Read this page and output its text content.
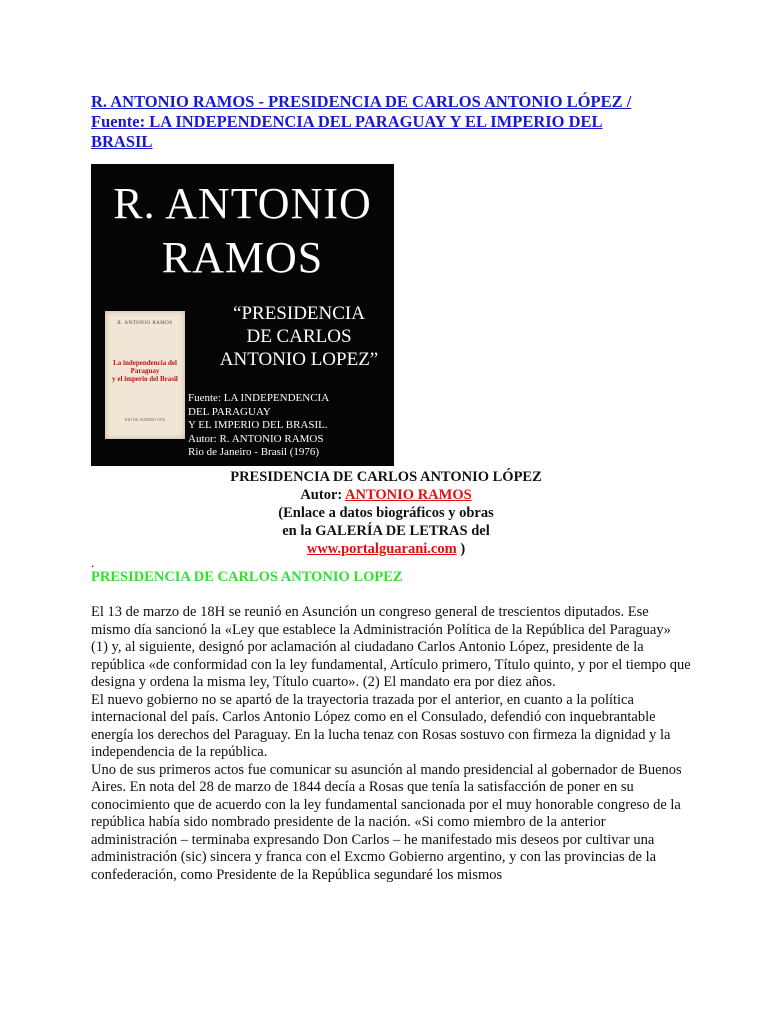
R. ANTONIO RAMOS - PRESIDENCIA DE CARLOS ANTONIO LÓPEZ /
Fuente: LA INDEPENDENCIA DEL PARAGUAY Y EL IMPERIO DEL
BRASIL
R. ANTONIO
RAMOS
R. ANTONIO RAMOS
La independencia del Paraguay
y el imperio del Brasil
RIO DE JANEIRO 1976
“PRESIDENCIA
DE CARLOS
ANTONIO LOPEZ”
Fuente: LA INDEPENDENCIA
DEL PARAGUAY
Y EL IMPERIO DEL BRASIL.
Autor: R. ANTONIO RAMOS
Rio de Janeiro - Brasil (1976)
PRESIDENCIA DE CARLOS ANTONIO LÓPEZ
Autor: ANTONIO RAMOS
(Enlace a datos biográficos y obras
en la GALERÍA DE LETRAS del
www.portalguarani.com )
.
PRESIDENCIA DE CARLOS ANTONIO LOPEZ

El 13 de marzo de 18H se reunió en Asunción un congreso general de trescientos diputados. Ese mismo día sancionó la «Ley que establece la Administración Política de la República del Paraguay» (1) y, al siguiente, designó por aclamación al ciudadano Carlos Antonio López, presidente de la república «de conformidad con la ley fundamental, Artículo primero, Título quinto, y por el tiempo que designa y ordena la misma ley, Título cuarto». (2) El mandato era por diez años.

El nuevo gobierno no se apartó de la trayectoria trazada por el anterior, en cuanto a la política internacional del país. Carlos Antonio López como en el Consulado, defendió con inquebrantable energía los derechos del Paraguay. En la lucha tenaz con Rosas sostuvo con firmeza la dignidad y la independencia de la república.

Uno de sus primeros actos fue comunicar su asunción al mando presidencial al gobernador de Buenos Aires. En nota del 28 de marzo de 1844 decía a Rosas que tenía la satisfacción de poner en su conocimiento que de acuerdo con la ley fundamental sancionada por el muy honorable congreso de la república había sido nombrado presidente de la nación. «Si como miembro de la anterior administración – terminaba expresando Don Carlos – he manifestado mis deseos por cultivar una administración (sic) sincera y franca con el Excmo Gobierno argentino, y con las provincias de la confederación, como Presidente de la República segundaré los mismos
